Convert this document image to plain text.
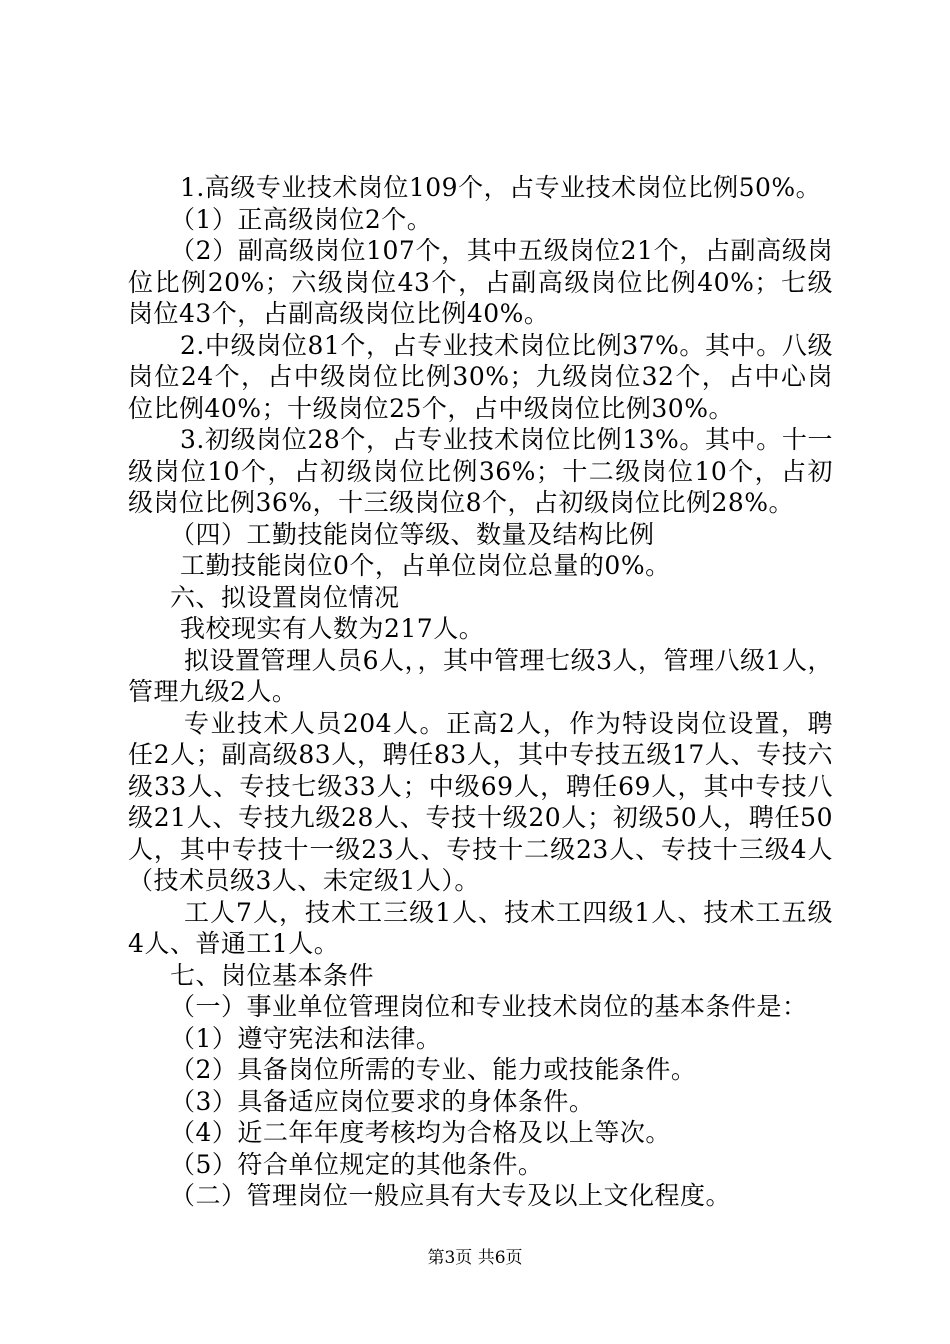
1.高级专业技术岗位109个，占专业技术岗位比例50%。

（1）正高级岗位2个。

（2）副高级岗位107个，其中五级岗位21个，占副高级岗位比例20%；六级岗位43个，占副高级岗位比例40%；七级岗位43个，占副高级岗位比例40%。

2.中级岗位81个，占专业技术岗位比例37%。其中。八级岗位24个，占中级岗位比例30%；九级岗位32个，占中心岗位比例40%；十级岗位25个，占中级岗位比例30%。

3.初级岗位28个，占专业技术岗位比例13%。其中。十一级岗位10个，占初级岗位比例36%；十二级岗位10个，占初级岗位比例36%，十三级岗位8个，占初级岗位比例28%。

（四）工勤技能岗位等级、数量及结构比例

工勤技能岗位0个，占单位岗位总量的0%。

六、拟设置岗位情况

我校现实有人数为217人。

拟设置管理人员6人，，其中管理七级3人，管理八级1人，管理九级2人。

专业技术人员204人。正高2人，作为特设岗位设置，聘任2人；副高级83人，聘任83人，其中专技五级17人、专技六级33人、专技七级33人；中级69人，聘任69人，其中专技八级21人、专技九级28人、专技十级20人；初级50人，聘任50人，其中专技十一级23人、专技十二级23人、专技十三级4人（技术员级3人、未定级1人）。

工人7人，技术工三级1人、技术工四级1人、技术工五级4人、普通工1人。

七、岗位基本条件

（一）事业单位管理岗位和专业技术岗位的基本条件是：

（1）遵守宪法和法律。

（2）具备岗位所需的专业、能力或技能条件。

（3）具备适应岗位要求的身体条件。

（4）近二年年度考核均为合格及以上等次。

（5）符合单位规定的其他条件。

（二）管理岗位一般应具有大专及以上文化程度。

第3页 共6页
